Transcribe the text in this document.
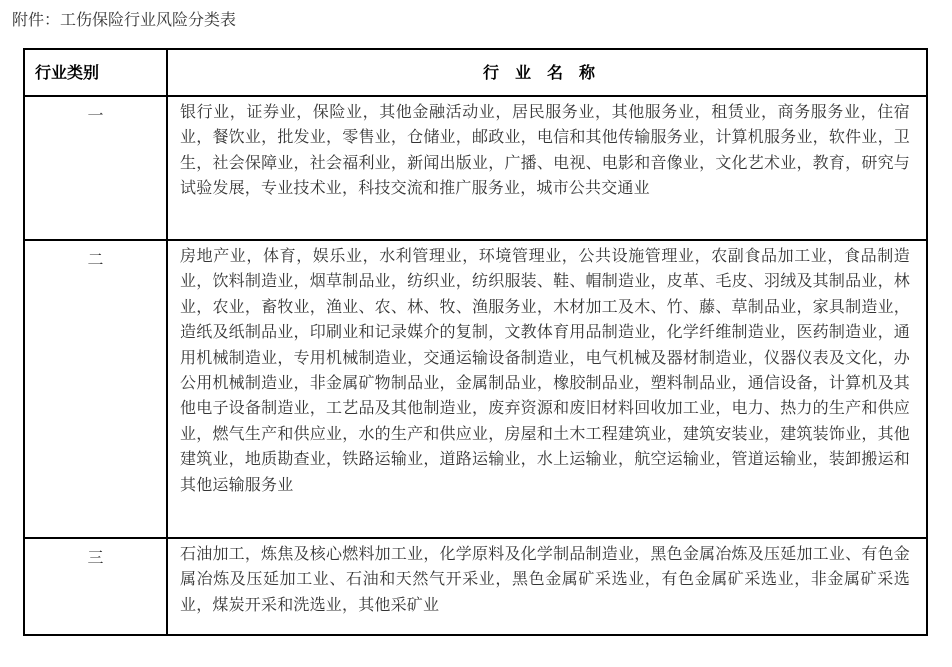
附件：工伤保险行业风险分类表
行业类别	行业名称
一	银行业，证券业，保险业，其他金融活动业，居民服务业，其他服务业，租赁业，商务服务业，住宿业，餐饮业，批发业，零售业，仓储业，邮政业，电信和其他传输服务业，计算机服务业，软件业，卫生，社会保障业，社会福利业，新闻出版业，广播、电视、电影和音像业，文化艺术业，教育，研究与试验发展，专业技术业，科技交流和推广服务业，城市公共交通业
二	房地产业，体育，娱乐业，水利管理业，环境管理业，公共设施管理业，农副食品加工业，食品制造业，饮料制造业，烟草制品业，纺织业，纺织服装、鞋、帽制造业，皮革、毛皮、羽绒及其制品业，林业，农业，畜牧业，渔业、农、林、牧、渔服务业，木材加工及木、竹、藤、草制品业，家具制造业，造纸及纸制品业，印刷业和记录媒介的复制，文教体育用品制造业，化学纤维制造业，医药制造业，通用机械制造业，专用机械制造业，交通运输设备制造业，电气机械及器材制造业，仪器仪表及文化，办公用机械制造业，非金属矿物制品业，金属制品业，橡胶制品业，塑料制品业，通信设备，计算机及其他电子设备制造业，工艺品及其他制造业，废弃资源和废旧材料回收加工业，电力、热力的生产和供应业，燃气生产和供应业，水的生产和供应业，房屋和土木工程建筑业，建筑安装业，建筑装饰业，其他建筑业，地质勘查业，铁路运输业，道路运输业，水上运输业，航空运输业，管道运输业，装卸搬运和其他运输服务业
三	石油加工，炼焦及核心燃料加工业，化学原料及化学制品制造业，黑色金属冶炼及压延加工业、有色金属冶炼及压延加工业、石油和天然气开采业，黑色金属矿采选业，有色金属矿采选业，非金属矿采选业，煤炭开采和洗选业，其他采矿业
